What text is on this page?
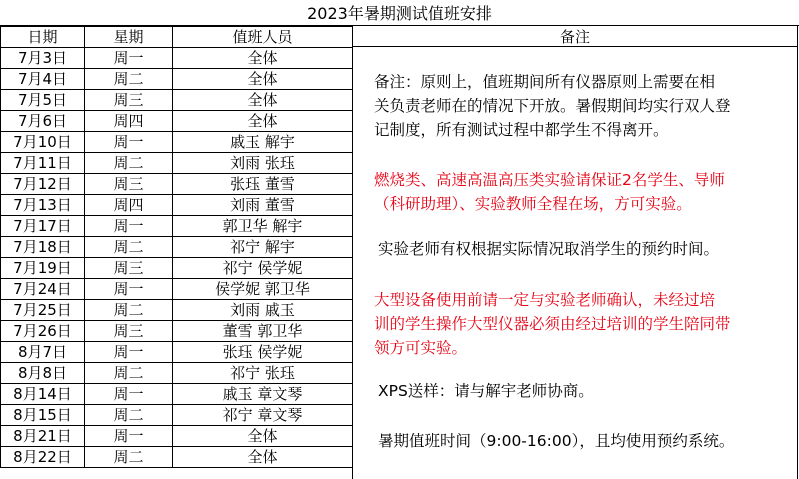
2023年暑期测试值班安排
日期	星期	值班人员
7月3日	周一	全体
7月4日	周二	全体
7月5日	周三	全体
7月6日	周四	全体
7月10日	周一	戚玉 解宇
7月11日	周二	刘雨 张珏
7月12日	周三	张珏 董雪
7月13日	周四	刘雨 董雪
7月17日	周一	郭卫华 解宇
7月18日	周二	祁宁 解宇
7月19日	周三	祁宁 侯学妮
7月24日	周一	侯学妮 郭卫华
7月25日	周二	刘雨 戚玉
7月26日	周三	董雪 郭卫华
8月7日	周一	张珏 侯学妮
8月8日	周二	祁宁 张珏
8月14日	周一	戚玉 章文琴
8月15日	周二	祁宁 章文琴
8月21日	周一	全体
8月22日	周二	全体
备注
备注：原则上，值班期间所有仪器原则上需要在相
关负责老师在的情况下开放。暑假期间均实行双人登
记制度，所有测试过程中都学生不得离开。
燃烧类、高速高温高压类实验请保证2名学生、导师
（科研助理）、实验教师全程在场，方可实验。
实验老师有权根据实际情况取消学生的预约时间。
大型设备使用前请一定与实验老师确认，未经过培
训的学生操作大型仪器必须由经过培训的学生陪同带
领方可实验。
XPS送样：请与解宇老师协商。
暑期值班时间（9:00-16:00），且均使用预约系统。
